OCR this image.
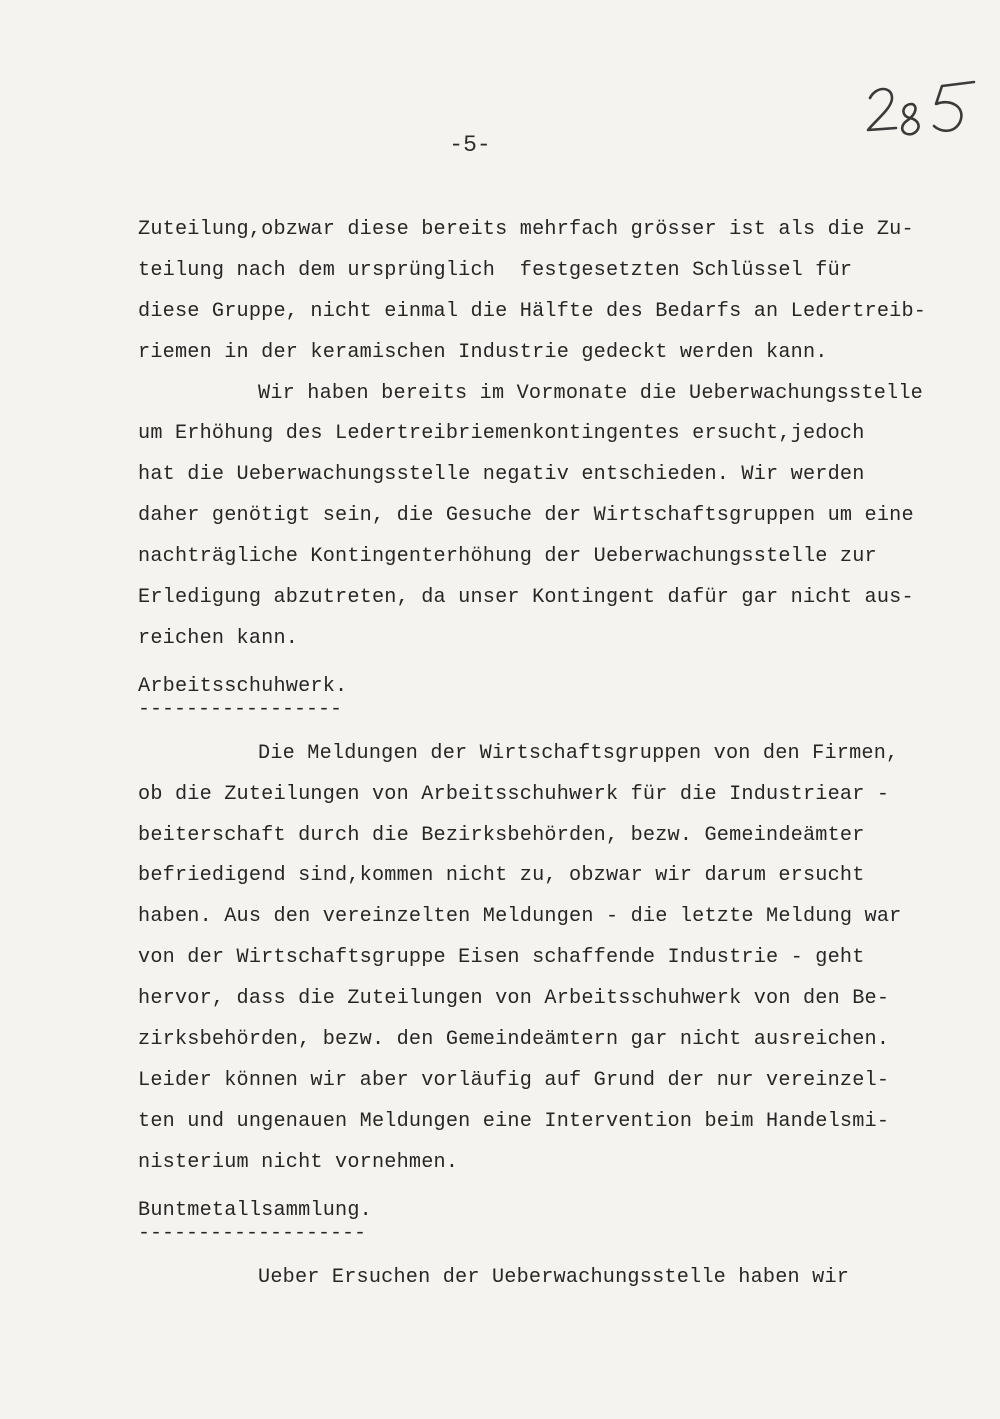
-5-
Zuteilung,obzwar diese bereits mehrfach grösser ist als die Zu-
teilung nach dem ursprünglich  festgesetzten Schlüssel für
diese Gruppe, nicht einmal die Hälfte des Bedarfs an Ledertreib-
riemen in der keramischen Industrie gedeckt werden kann.
Wir haben bereits im Vormonate die Ueberwachungsstelle
um Erhöhung des Ledertreibriemenkontingentes ersucht,jedoch
hat die Ueberwachungsstelle negativ entschieden. Wir werden
daher genötigt sein, die Gesuche der Wirtschaftsgruppen um eine
nachträgliche Kontingenterhöhung der Ueberwachungsstelle zur
Erledigung abzutreten, da unser Kontingent dafür gar nicht aus-
reichen kann.
Arbeitsschuhwerk.
-----------------
Die Meldungen der Wirtschaftsgruppen von den Firmen,
ob die Zuteilungen von Arbeitsschuhwerk für die Industriear -
beiterschaft durch die Bezirksbehörden, bezw. Gemeindeämter
befriedigend sind,kommen nicht zu, obzwar wir darum ersucht
haben. Aus den vereinzelten Meldungen - die letzte Meldung war
von der Wirtschaftsgruppe Eisen schaffende Industrie - geht
hervor, dass die Zuteilungen von Arbeitsschuhwerk von den Be-
zirksbehörden, bezw. den Gemeindeämtern gar nicht ausreichen.
Leider können wir aber vorläufig auf Grund der nur vereinzel-
ten und ungenauen Meldungen eine Intervention beim Handelsmi-
nisterium nicht vornehmen.
Buntmetallsammlung.
-------------------
Ueber Ersuchen der Ueberwachungsstelle haben wir
